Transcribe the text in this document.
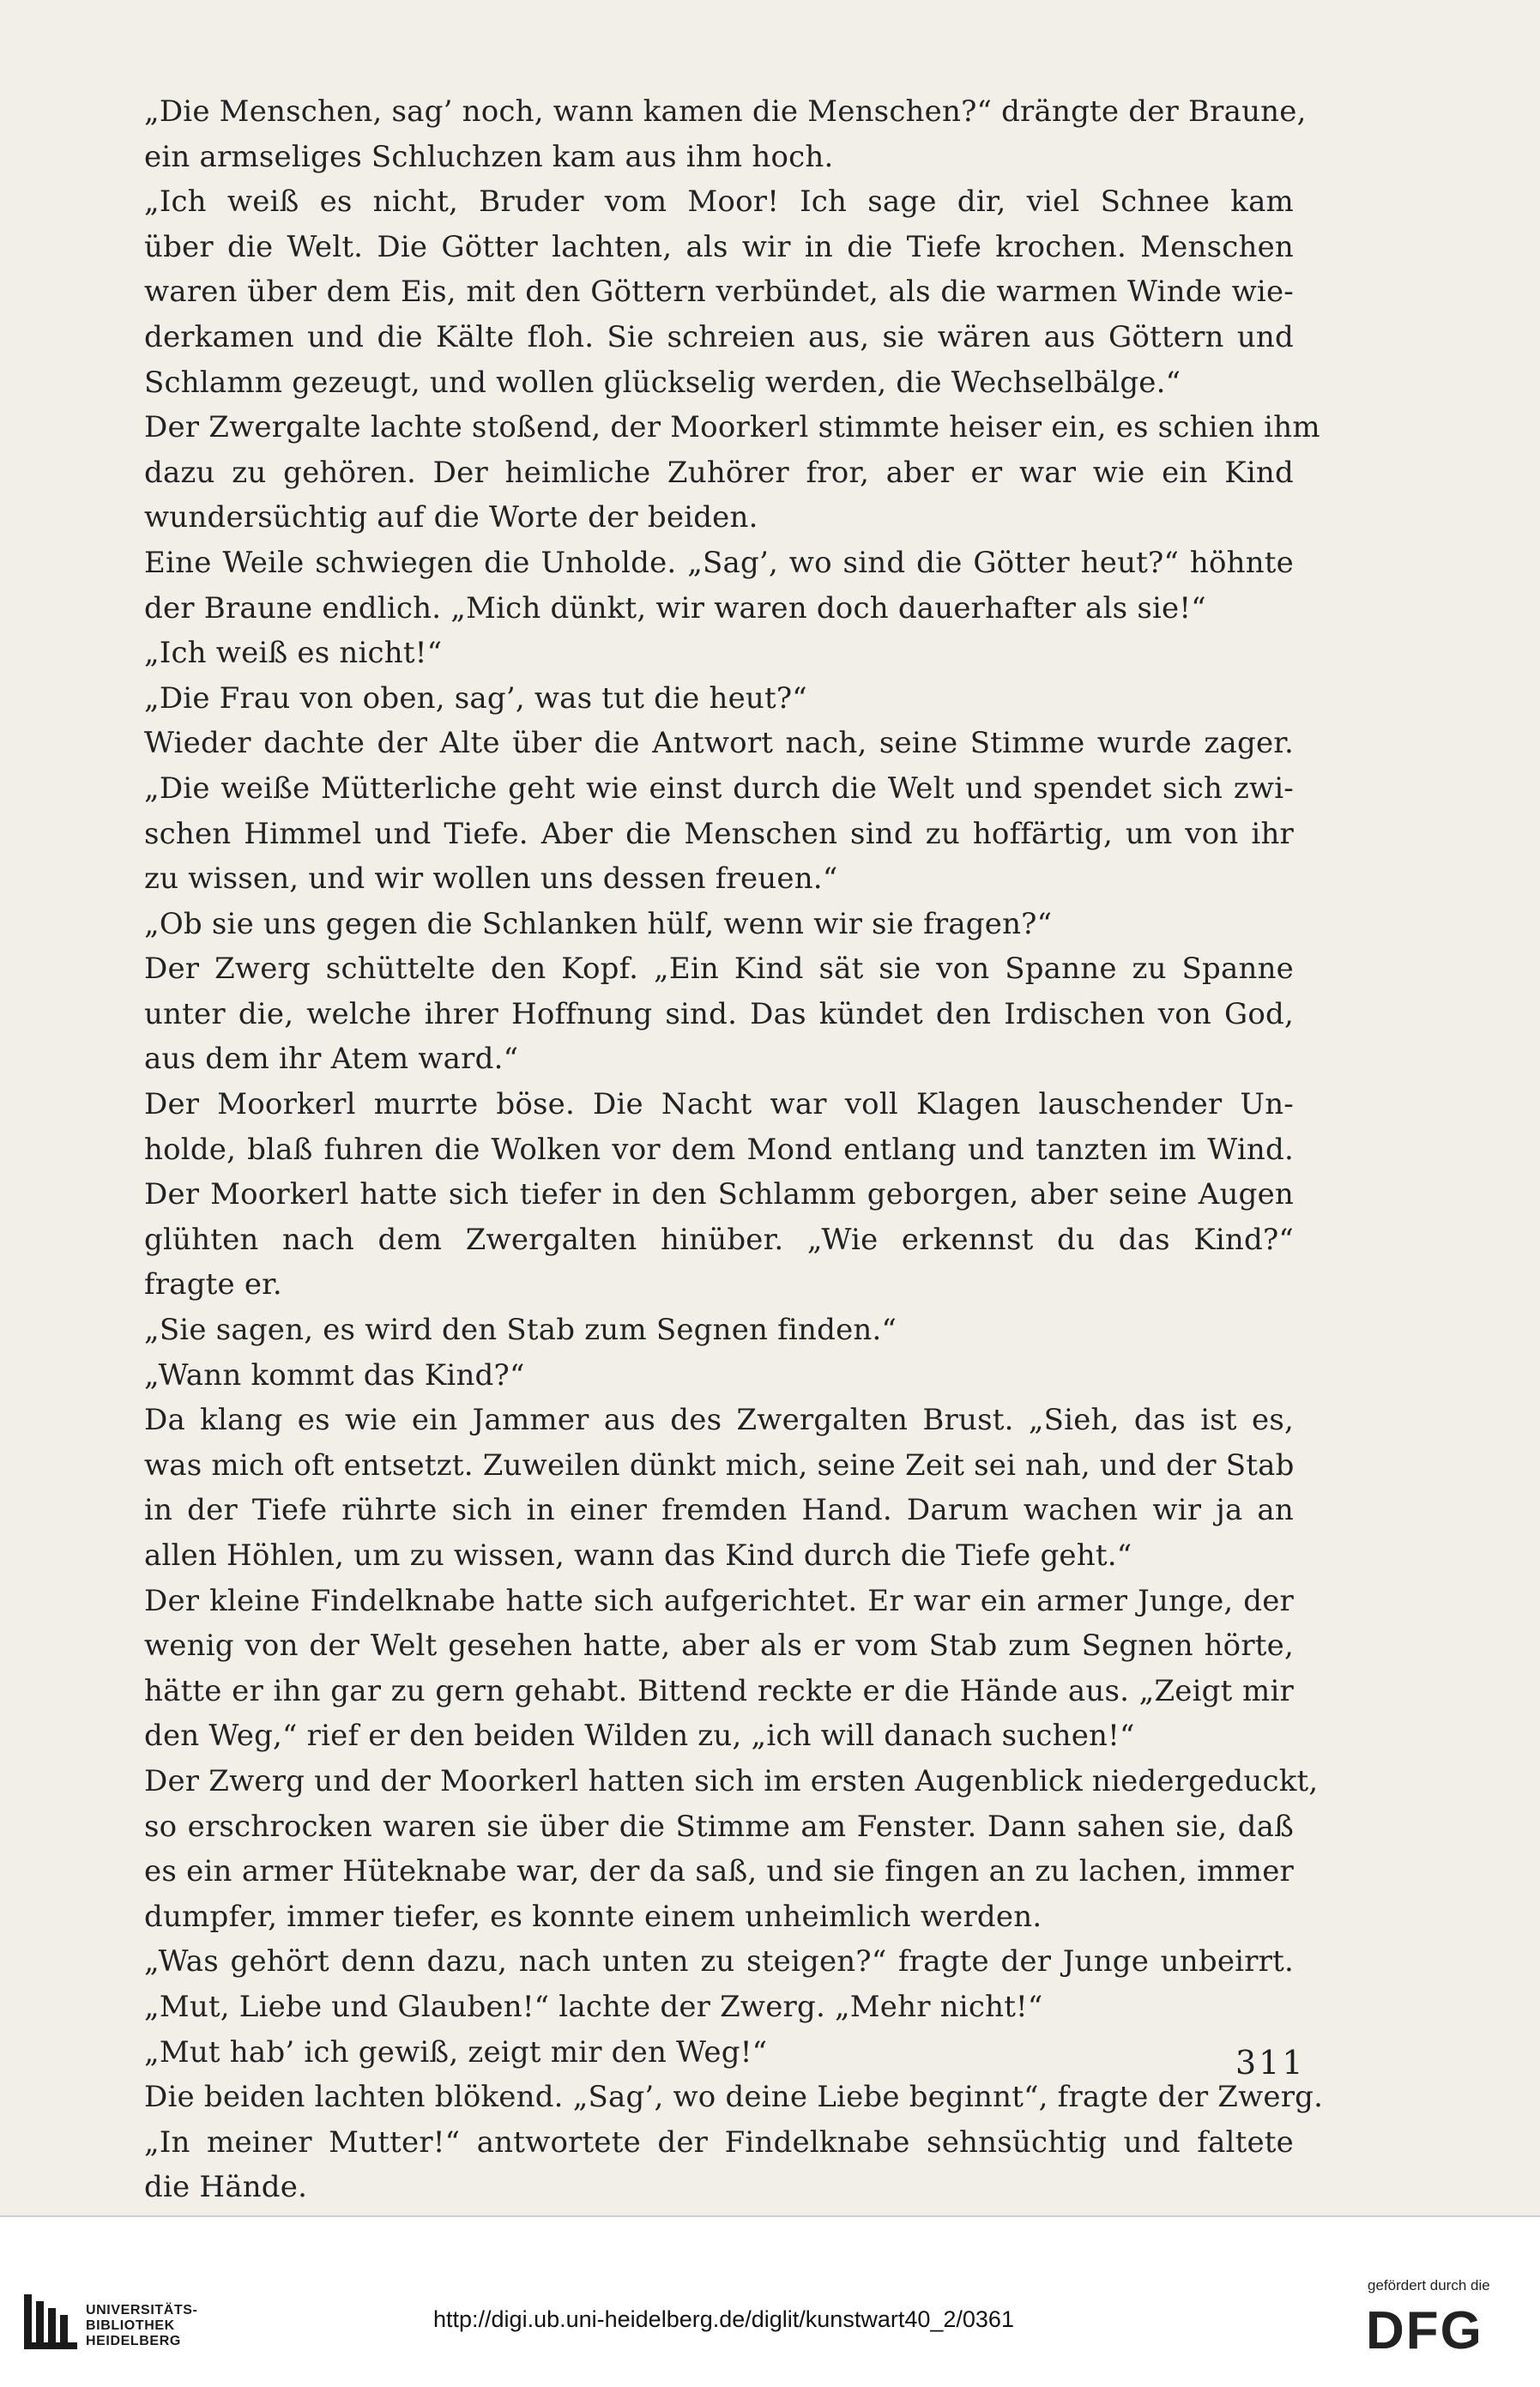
„Die Menschen, sag’ noch, wann kamen die Menschen?“ drängte der Braune,
ein armseliges Schluchzen kam aus ihm hoch.
„Ich weiß es nicht, Bruder vom Moor! Ich sage dir, viel Schnee kam
über die Welt. Die Götter lachten, als wir in die Tiefe krochen. Menschen
waren über dem Eis, mit den Göttern verbündet, als die warmen Winde wie-
derkamen und die Kälte floh. Sie schreien aus, sie wären aus Göttern und
Schlamm gezeugt, und wollen glückselig werden, die Wechselbälge.“
Der Zwergalte lachte stoßend, der Moorkerl stimmte heiser ein, es schien ihm
dazu zu gehören. Der heimliche Zuhörer fror, aber er war wie ein Kind
wundersüchtig auf die Worte der beiden.
Eine Weile schwiegen die Unholde. „Sag’, wo sind die Götter heut?“ höhnte
der Braune endlich. „Mich dünkt, wir waren doch dauerhafter als sie!“
„Ich weiß es nicht!“
„Die Frau von oben, sag’, was tut die heut?“
Wieder dachte der Alte über die Antwort nach, seine Stimme wurde zager.
„Die weiße Mütterliche geht wie einst durch die Welt und spendet sich zwi-
schen Himmel und Tiefe. Aber die Menschen sind zu hoffärtig, um von ihr
zu wissen, und wir wollen uns dessen freuen.“
„Ob sie uns gegen die Schlanken hülf, wenn wir sie fragen?“
Der Zwerg schüttelte den Kopf. „Ein Kind sät sie von Spanne zu Spanne
unter die, welche ihrer Hoffnung sind. Das kündet den Irdischen von God,
aus dem ihr Atem ward.“
Der Moorkerl murrte böse. Die Nacht war voll Klagen lauschender Un-
holde, blaß fuhren die Wolken vor dem Mond entlang und tanzten im Wind.
Der Moorkerl hatte sich tiefer in den Schlamm geborgen, aber seine Augen
glühten nach dem Zwergalten hinüber. „Wie erkennst du das Kind?“
fragte er.
„Sie sagen, es wird den Stab zum Segnen finden.“
„Wann kommt das Kind?“
Da klang es wie ein Jammer aus des Zwergalten Brust. „Sieh, das ist es,
was mich oft entsetzt. Zuweilen dünkt mich, seine Zeit sei nah, und der Stab
in der Tiefe rührte sich in einer fremden Hand. Darum wachen wir ja an
allen Höhlen, um zu wissen, wann das Kind durch die Tiefe geht.“
Der kleine Findelknabe hatte sich aufgerichtet. Er war ein armer Junge, der
wenig von der Welt gesehen hatte, aber als er vom Stab zum Segnen hörte,
hätte er ihn gar zu gern gehabt. Bittend reckte er die Hände aus. „Zeigt mir
den Weg,“ rief er den beiden Wilden zu, „ich will danach suchen!“
Der Zwerg und der Moorkerl hatten sich im ersten Augenblick niedergeduckt,
so erschrocken waren sie über die Stimme am Fenster. Dann sahen sie, daß
es ein armer Hüteknabe war, der da saß, und sie fingen an zu lachen, immer
dumpfer, immer tiefer, es konnte einem unheimlich werden.
„Was gehört denn dazu, nach unten zu steigen?“ fragte der Junge unbeirrt.
„Mut, Liebe und Glauben!“ lachte der Zwerg. „Mehr nicht!“
„Mut hab’ ich gewiß, zeigt mir den Weg!“
Die beiden lachten blökend. „Sag’, wo deine Liebe beginnt“, fragte der Zwerg.
„In meiner Mutter!“ antwortete der Findelknabe sehnsüchtig und faltete
die Hände.
311
UNIVERSITÄTS-
BIBLIOTHEK
HEIDELBERG
http://digi.ub.uni-heidelberg.de/diglit/kunstwart40_2/0361
gefördert durch die
DFG
